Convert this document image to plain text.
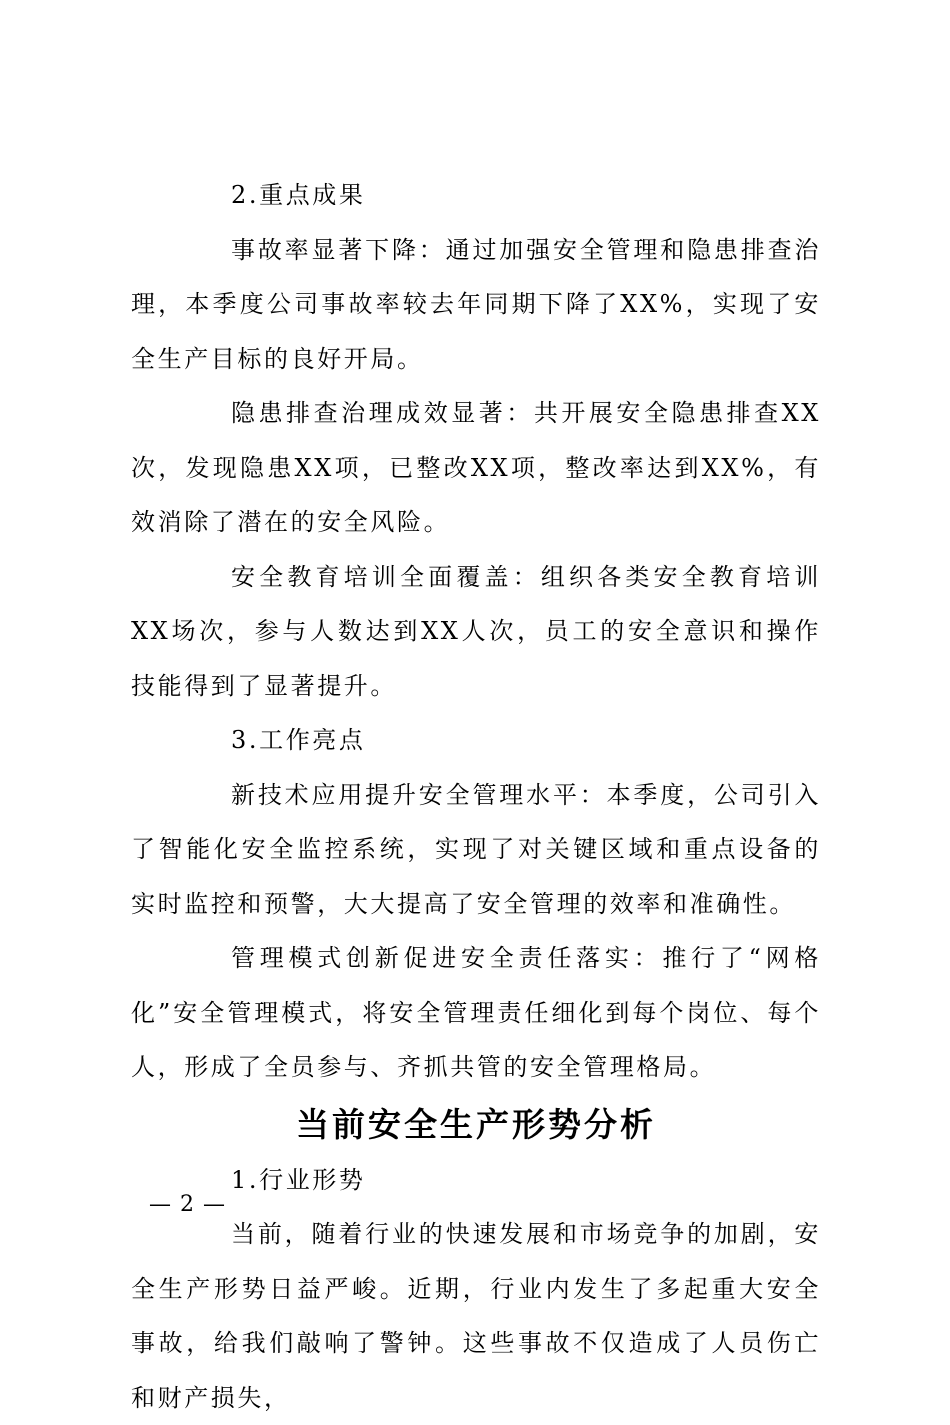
2.重点成果

事故率显著下降：通过加强安全管理和隐患排查治理，本季度公司事故率较去年同期下降了XX%，实现了安全生产目标的良好开局。

隐患排查治理成效显著：共开展安全隐患排查XX次，发现隐患XX项，已整改XX项，整改率达到XX%，有效消除了潜在的安全风险。

安全教育培训全面覆盖：组织各类安全教育培训XX场次，参与人数达到XX人次，员工的安全意识和操作技能得到了显著提升。

3.工作亮点

新技术应用提升安全管理水平：本季度，公司引入了智能化安全监控系统，实现了对关键区域和重点设备的实时监控和预警，大大提高了安全管理的效率和准确性。

管理模式创新促进安全责任落实：推行了“网格化”安全管理模式，将安全管理责任细化到每个岗位、每个人，形成了全员参与、齐抓共管的安全管理格局。

当前安全生产形势分析

1.行业形势

当前，随着行业的快速发展和市场竞争的加剧，安全生产形势日益严峻。近期，行业内发生了多起重大安全事故，给我们敲响了警钟。这些事故不仅造成了人员伤亡和财产损失，

— 2 —
